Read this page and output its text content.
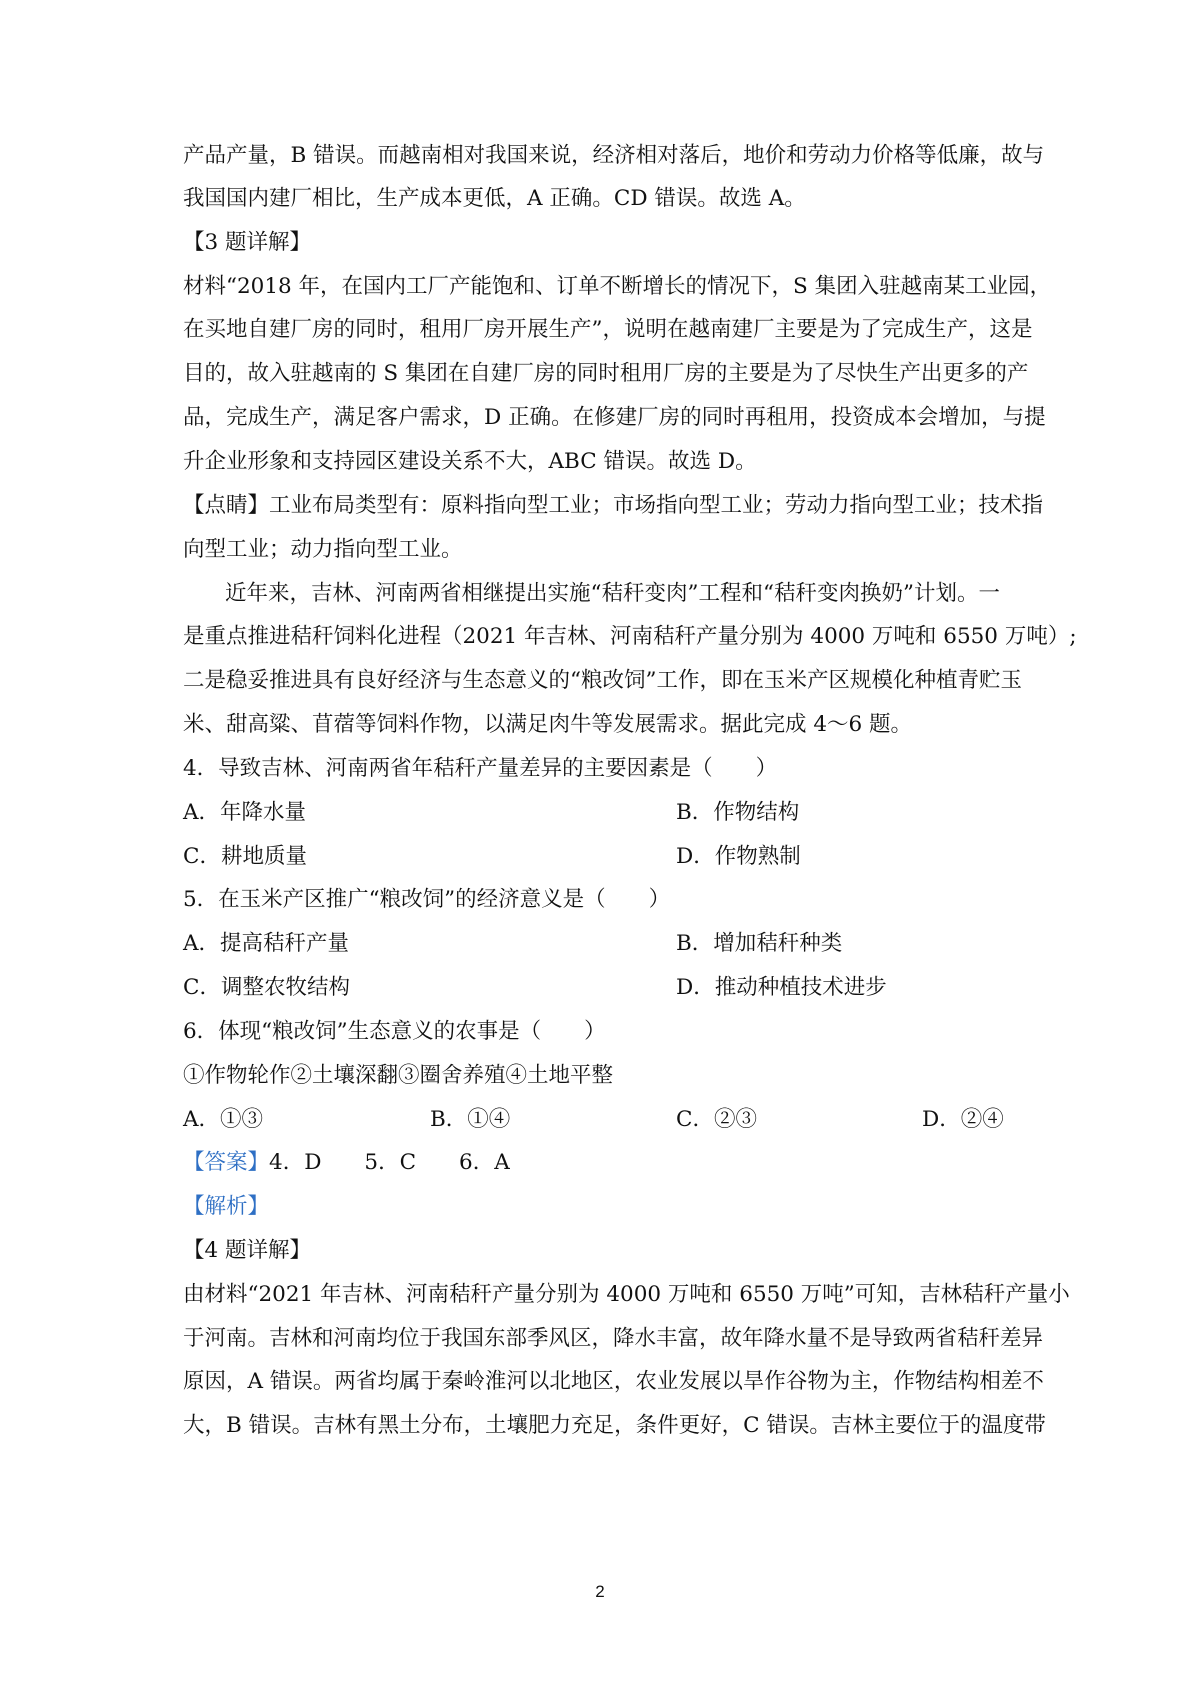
产品产量，B 错误。而越南相对我国来说，经济相对落后，地价和劳动力价格等低廉，故与
我国国内建厂相比，生产成本更低，A 正确。CD 错误。故选 A。
【3 题详解】
材料“2018 年，在国内工厂产能饱和、订单不断增长的情况下，S 集团入驻越南某工业园，
在买地自建厂房的同时，租用厂房开展生产”，说明在越南建厂主要是为了完成生产，这是
目的，故入驻越南的 S 集团在自建厂房的同时租用厂房的主要是为了尽快生产出更多的产
品，完成生产，满足客户需求，D 正确。在修建厂房的同时再租用，投资成本会增加，与提
升企业形象和支持园区建设关系不大，ABC 错误。故选 D。
【点睛】工业布局类型有：原料指向型工业；市场指向型工业；劳动力指向型工业；技术指
向型工业；动力指向型工业。
近年来，吉林、河南两省相继提出实施“秸秆变肉”工程和“秸秆变肉换奶”计划。一
是重点推进秸秆饲料化进程（2021 年吉林、河南秸秆产量分别为 4000 万吨和 6550 万吨）;
二是稳妥推进具有良好经济与生态意义的“粮改饲”工作，即在玉米产区规模化种植青贮玉
米、甜高粱、苜蓿等饲料作物，以满足肉牛等发展需求。据此完成 4～6 题。
4．导致吉林、河南两省年秸秆产量差异的主要因素是（　　）
A．年降水量	B．作物结构
C．耕地质量	D．作物熟制
5．在玉米产区推广“粮改饲”的经济意义是（　　）
A．提高秸秆产量	B．增加秸秆种类
C．调整农牧结构	D．推动种植技术进步
6．体现“粮改饲”生态意义的农事是（　　）
①作物轮作②土壤深翻③圈舍养殖④土地平整
A．①③	B．①④	C．②③	D．②④
【答案】4．D　　5．C　　6．A
【解析】
【4 题详解】
由材料“2021 年吉林、河南秸秆产量分别为 4000 万吨和 6550 万吨”可知，吉林秸秆产量小
于河南。吉林和河南均位于我国东部季风区，降水丰富，故年降水量不是导致两省秸秆差异
原因，A 错误。两省均属于秦岭淮河以北地区，农业发展以旱作谷物为主，作物结构相差不
大，B 错误。吉林有黑土分布，土壤肥力充足，条件更好，C 错误。吉林主要位于的温度带
2
